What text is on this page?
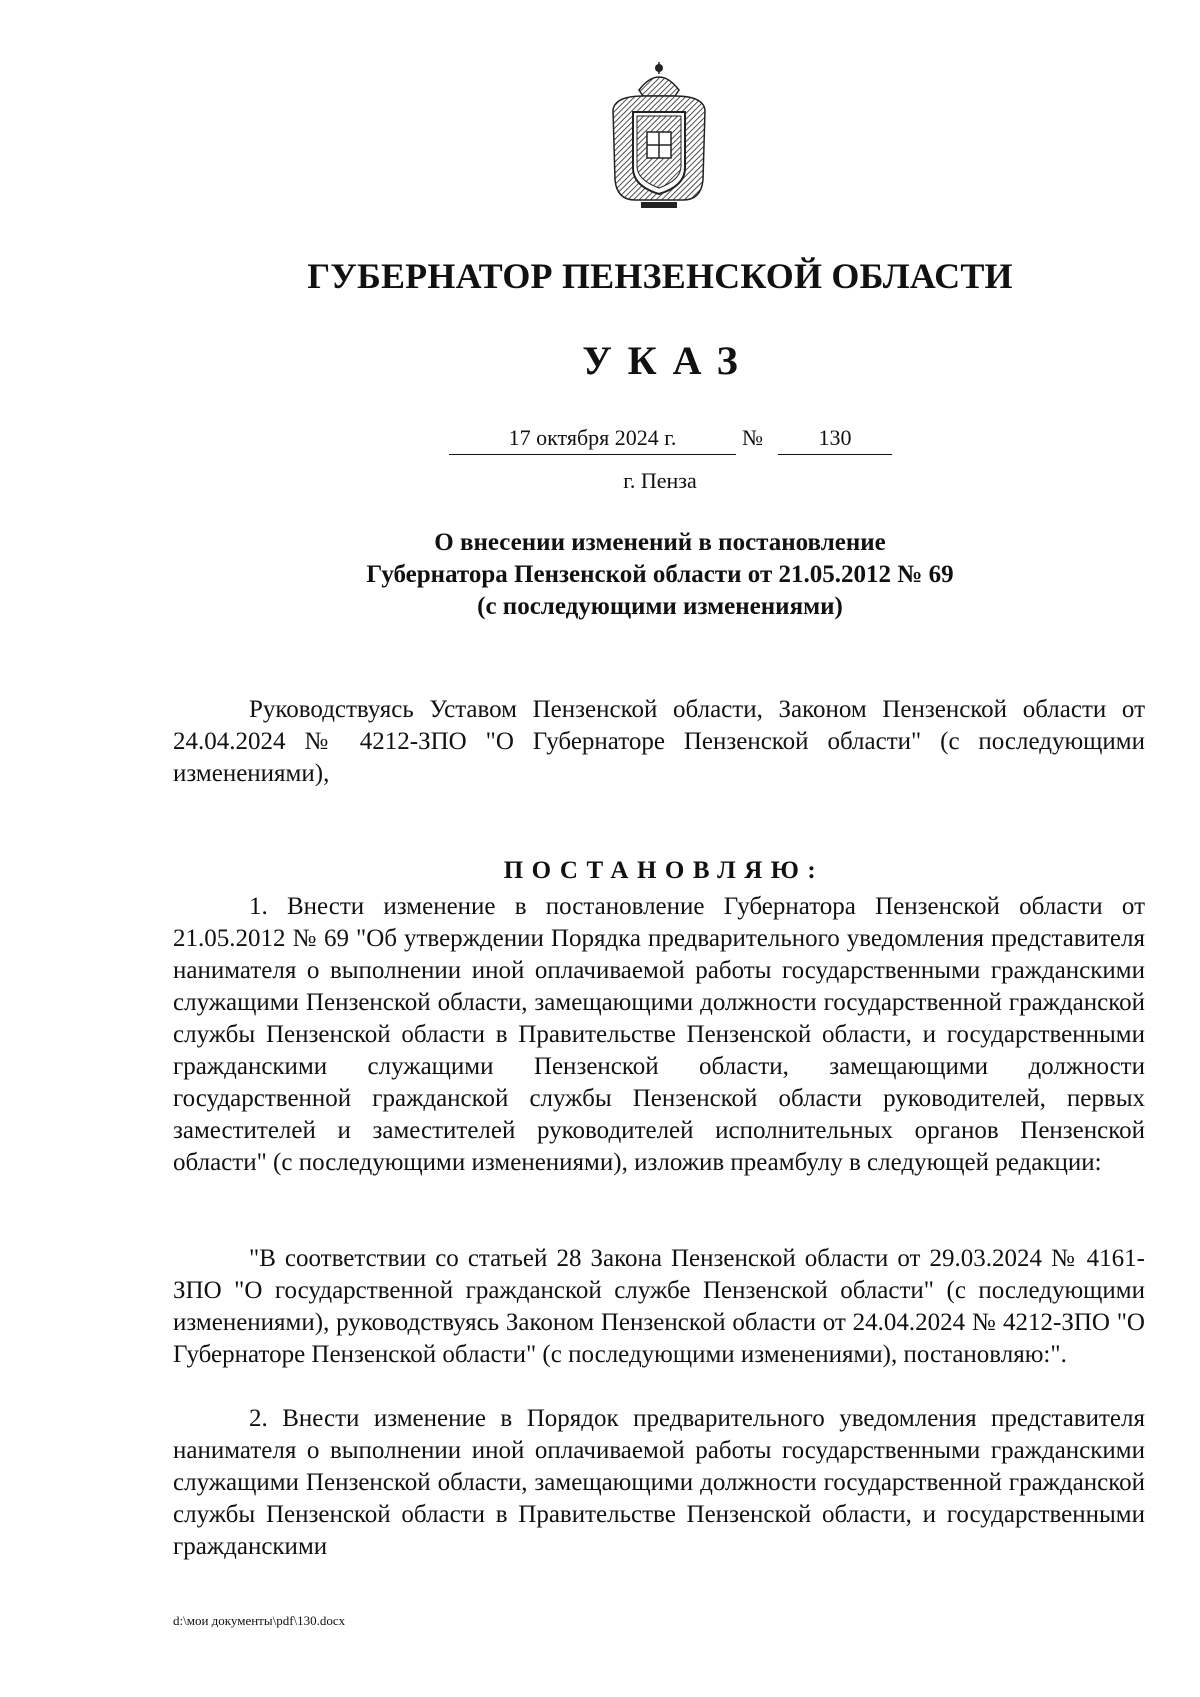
ГУБЕРНАТОР ПЕНЗЕНСКОЙ ОБЛАСТИ
УКАЗ
17 октября 2024 г.	№	130
г. Пенза
О внесении изменений в постановление
Губернатора Пензенской области от 21.05.2012 № 69
(с последующими изменениями)

Руководствуясь Уставом Пензенской области, Законом Пензенской области от 24.04.2024 № 4212-ЗПО "О Губернаторе Пензенской области" (с последующими изменениями),

ПОСТАНОВЛЯЮ:

1. Внести изменение в постановление Губернатора Пензенской области от 21.05.2012 № 69 "Об утверждении Порядка предварительного уведомления представителя нанимателя о выполнении иной оплачиваемой работы государственными гражданскими служащими Пензенской области, замещающими должности государственной гражданской службы Пензенской области в Правительстве Пензенской области, и государственными гражданскими служащими Пензенской области, замещающими должности государственной гражданской службы Пензенской области руководителей, первых заместителей и заместителей руководителей исполнительных органов Пензенской области" (с последующими изменениями), изложив преамбулу в следующей редакции:

"В соответствии со статьей 28 Закона Пензенской области от 29.03.2024 № 4161-ЗПО "О государственной гражданской службе Пензенской области" (с последующими изменениями), руководствуясь Законом Пензенской области от 24.04.2024 № 4212-ЗПО "О Губернаторе Пензенской области" (с последующими изменениями), постановляю:".

2. Внести изменение в Порядок предварительного уведомления представителя нанимателя о выполнении иной оплачиваемой работы государственными гражданскими служащими Пензенской области, замещающими должности государственной гражданской службы Пензенской области в Правительстве Пензенской области, и государственными гражданскими

d:\мои документы\pdf\130.docx
